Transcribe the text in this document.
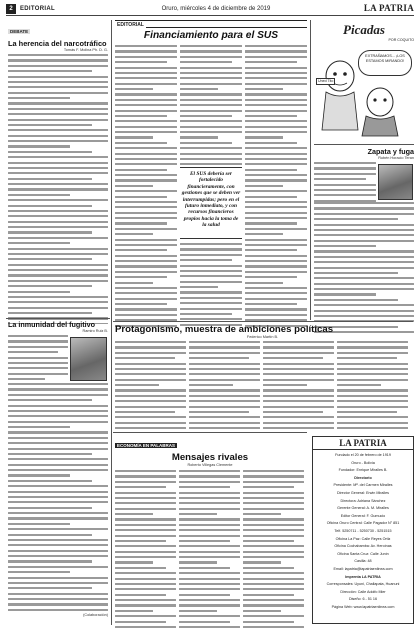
2	EDITORIAL	Oruro, miércoles 4 de diciembre de 2019	LA PATRIA
DEBATE
La herencia del narcotráfico
Tomás F. Molina Ph. D. G.
La inmunidad del fugitivo
Ramiro Ruiz B.
(Colaboración)
EDITORIAL
Financiamiento para el SUS
El SUS debería ser fortalecido financieramente, con gestiones que se deben ver interrumpidas; pero en el futuro inmediato, y con recursos financieros propios hacia la toma de la salud
Picadas
POR COQUITO
EXTRAÑAMOS... ¡LOS ESTAMOS MIRANDO!
Uned Tito
Zapata y fuga
Rubén Horacio Teran
Protagonismo, muestra de ambiciones políticas
Federico Martín B.
ECONOMÍA EN PALABRAS
Mensajes rivales
Roberto Villegas Clemente
LA PATRIA
Fundado el 20 de febrero de 1919
Oruro - Bolivia
Fundador: Enrique Miralles B.
Directorio
Presidente: Mª. del Carmen Miralles
Director General: Erwin Miralles
Directora: Adriana Sánchez
Gerente General: A. M. Miralles
Editor General: F. Gumucio
Oficina Oruro Central: Calle Pagador N° 851
Telf. 5250711 - 5250730 - 5251515
Oficina La Paz: Calle Reyes Ortiz
Oficina Cochabamba: Av. Heroínas
Oficina Santa Cruz: Calle Junín
Casilla: 48
Email: lapatria@lapatriaenlinea.com
Imprenta LA PATRIA
Corresponsales: Uyuni, Challapata, Huanuni
Dirección: Calle Adolfo Mier
Diseño: 6 - 51 16
Página Web: www.lapatriaenlinea.com
